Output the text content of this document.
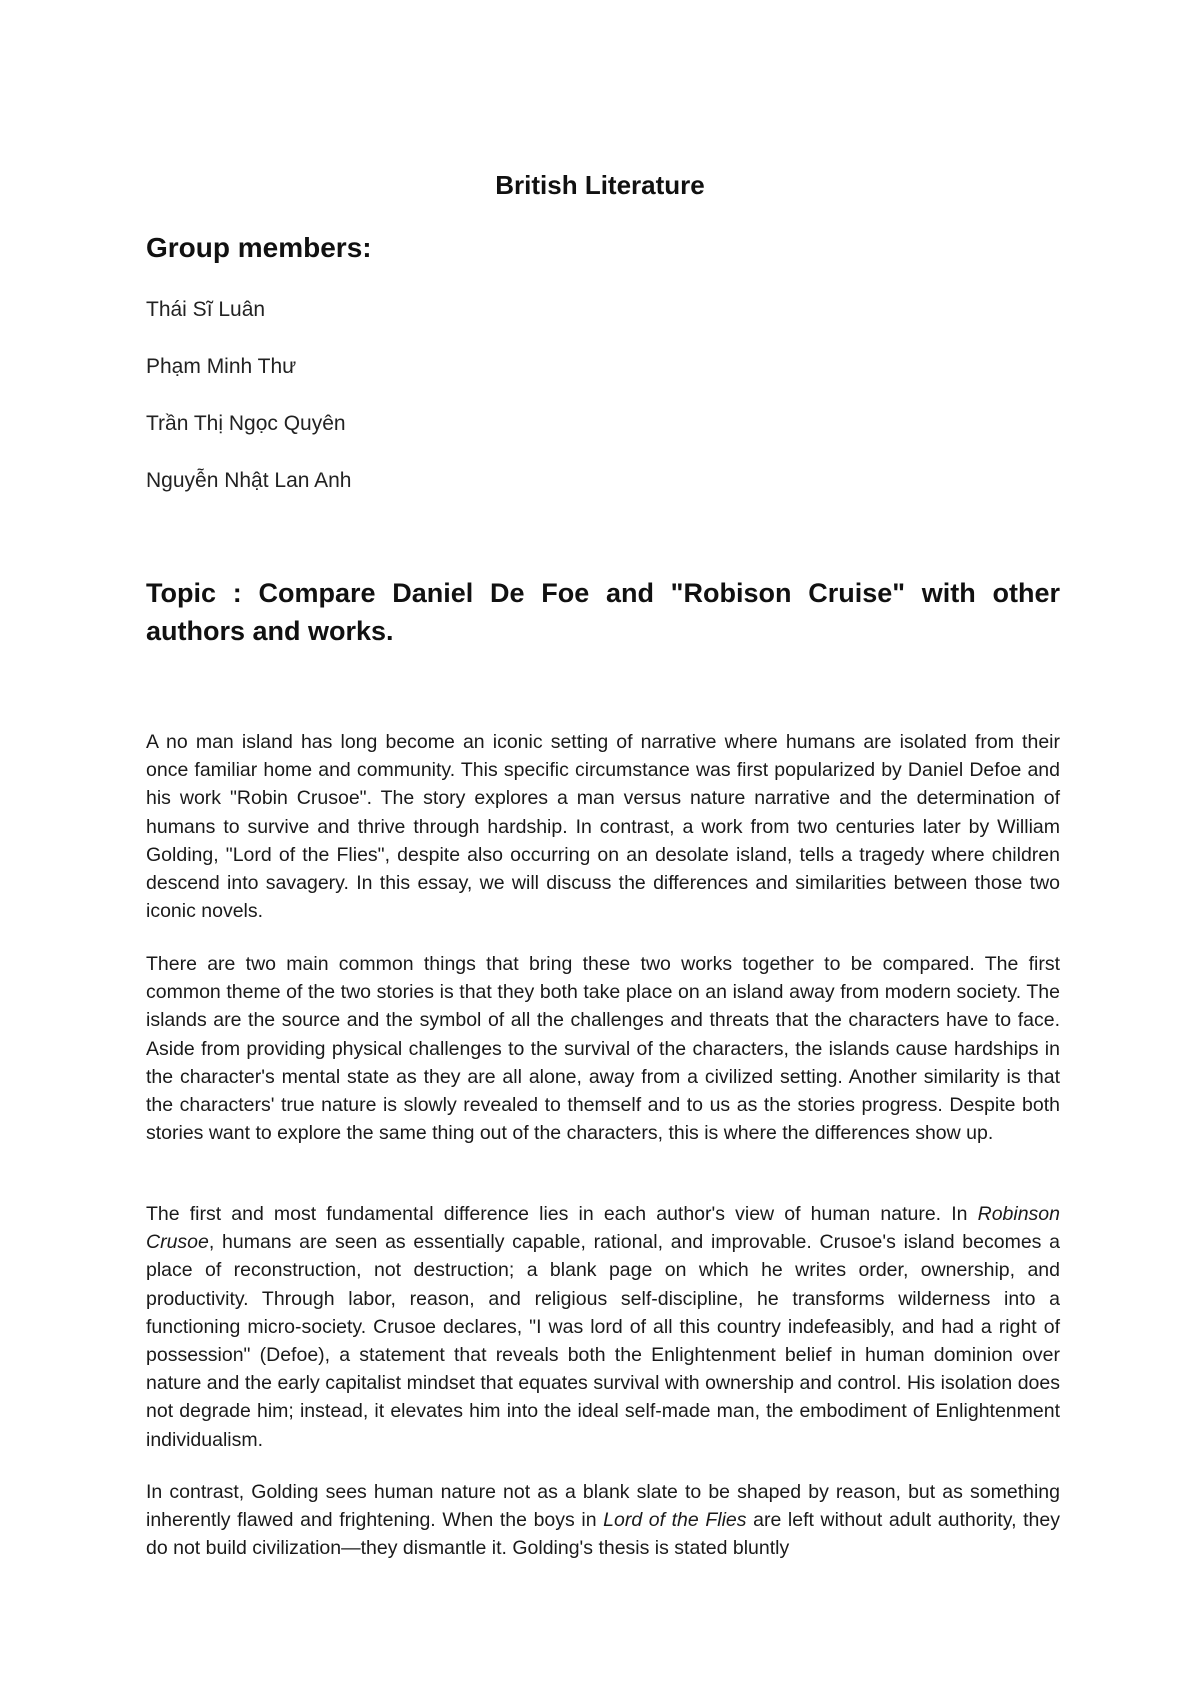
British Literature
Group members:
Thái Sĩ Luân
Phạm Minh Thư
Trần Thị Ngọc Quyên
Nguyễn Nhật Lan Anh
Topic : Compare Daniel De Foe and "Robison Cruise" with other authors and works.

A no man island has long become an iconic setting of narrative where humans are isolated from their once familiar home and community. This specific circumstance was first popularized by Daniel Defoe and his work "Robin Crusoe". The story explores a man versus nature narrative and the determination of humans to survive and thrive through hardship. In contrast, a work from two centuries later by William Golding, "Lord of the Flies", despite also occurring on an desolate island, tells a tragedy where children descend into savagery. In this essay, we will discuss the differences and similarities between those two iconic novels.

There are two main common things that bring these two works together to be compared. The first common theme of the two stories is that they both take place on an island away from modern society. The islands are the source and the symbol of all the challenges and threats that the characters have to face. Aside from providing physical challenges to the survival of the characters, the islands cause hardships in the character's mental state as they are all alone, away from a civilized setting. Another similarity is that the characters' true nature is slowly revealed to themself and to us as the stories progress. Despite both stories want to explore the same thing out of the characters, this is where the differences show up.

The first and most fundamental difference lies in each author's view of human nature. In Robinson Crusoe, humans are seen as essentially capable, rational, and improvable. Crusoe's island becomes a place of reconstruction, not destruction; a blank page on which he writes order, ownership, and productivity. Through labor, reason, and religious self-discipline, he transforms wilderness into a functioning micro-society. Crusoe declares, "I was lord of all this country indefeasibly, and had a right of possession" (Defoe), a statement that reveals both the Enlightenment belief in human dominion over nature and the early capitalist mindset that equates survival with ownership and control. His isolation does not degrade him; instead, it elevates him into the ideal self-made man, the embodiment of Enlightenment individualism.

In contrast, Golding sees human nature not as a blank slate to be shaped by reason, but as something inherently flawed and frightening. When the boys in Lord of the Flies are left without adult authority, they do not build civilization—they dismantle it. Golding's thesis is stated bluntly
